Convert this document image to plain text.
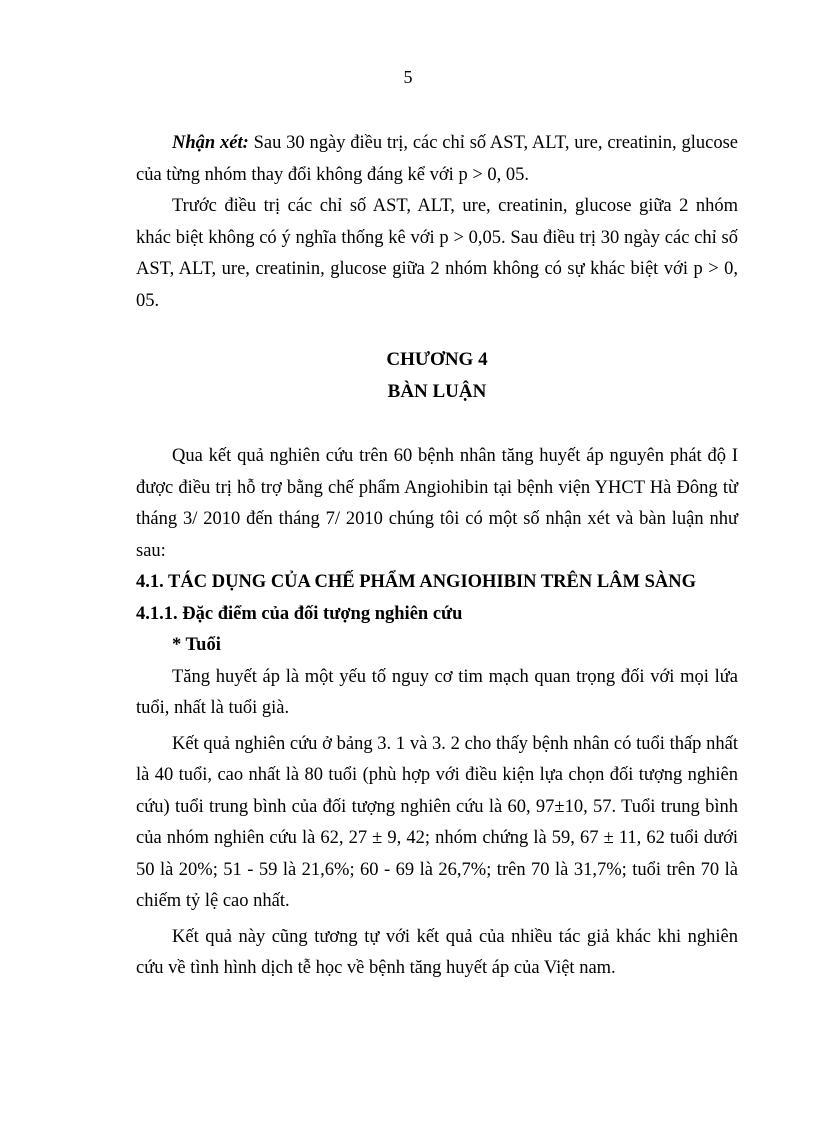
5

Nhận xét: Sau 30 ngày điều trị, các chỉ số AST, ALT, ure, creatinin, glucose của từng nhóm thay đổi không đáng kể với p > 0, 05.

Trước điều trị các chỉ số AST, ALT, ure, creatinin, glucose giữa 2 nhóm khác biệt không có ý nghĩa thống kê với p > 0,05. Sau điều trị 30 ngày các chỉ số AST, ALT, ure, creatinin, glucose giữa 2 nhóm không có sự khác biệt với p > 0, 05.

CHƯƠNG 4

BÀN LUẬN

Qua kết quả nghiên cứu trên 60 bệnh nhân tăng huyết áp nguyên phát độ I được điều trị hỗ trợ bằng chế phẩm Angiohibin tại bệnh viện YHCT Hà Đông từ tháng 3/ 2010 đến tháng 7/ 2010 chúng tôi có một số nhận xét và bàn luận như sau:

4.1. TÁC DỤNG CỦA CHẾ PHẨM ANGIOHIBIN TRÊN LÂM SÀNG

4.1.1. Đặc điểm của đối tượng nghiên cứu

* Tuổi

Tăng huyết áp là một yếu tố nguy cơ tim mạch quan trọng đối với mọi lứa tuổi, nhất là tuổi già.

Kết quả nghiên cứu ở bảng 3. 1 và 3. 2 cho thấy bệnh nhân có tuổi thấp nhất là 40 tuổi, cao nhất là 80 tuổi (phù hợp với điều kiện lựa chọn đối tượng nghiên cứu) tuổi trung bình của đối tượng nghiên cứu là 60, 97±10, 57. Tuổi trung bình của nhóm nghiên cứu là 62, 27 ± 9, 42; nhóm chứng là 59, 67 ± 11, 62 tuổi dưới 50 là 20%; 51 - 59 là 21,6%; 60 - 69 là 26,7%; trên 70 là 31,7%; tuổi trên 70 là chiếm tỷ lệ cao nhất.

Kết quả này cũng tương tự với kết quả của nhiều tác giả khác khi nghiên cứu về tình hình dịch tễ học về bệnh tăng huyết áp của Việt nam.
